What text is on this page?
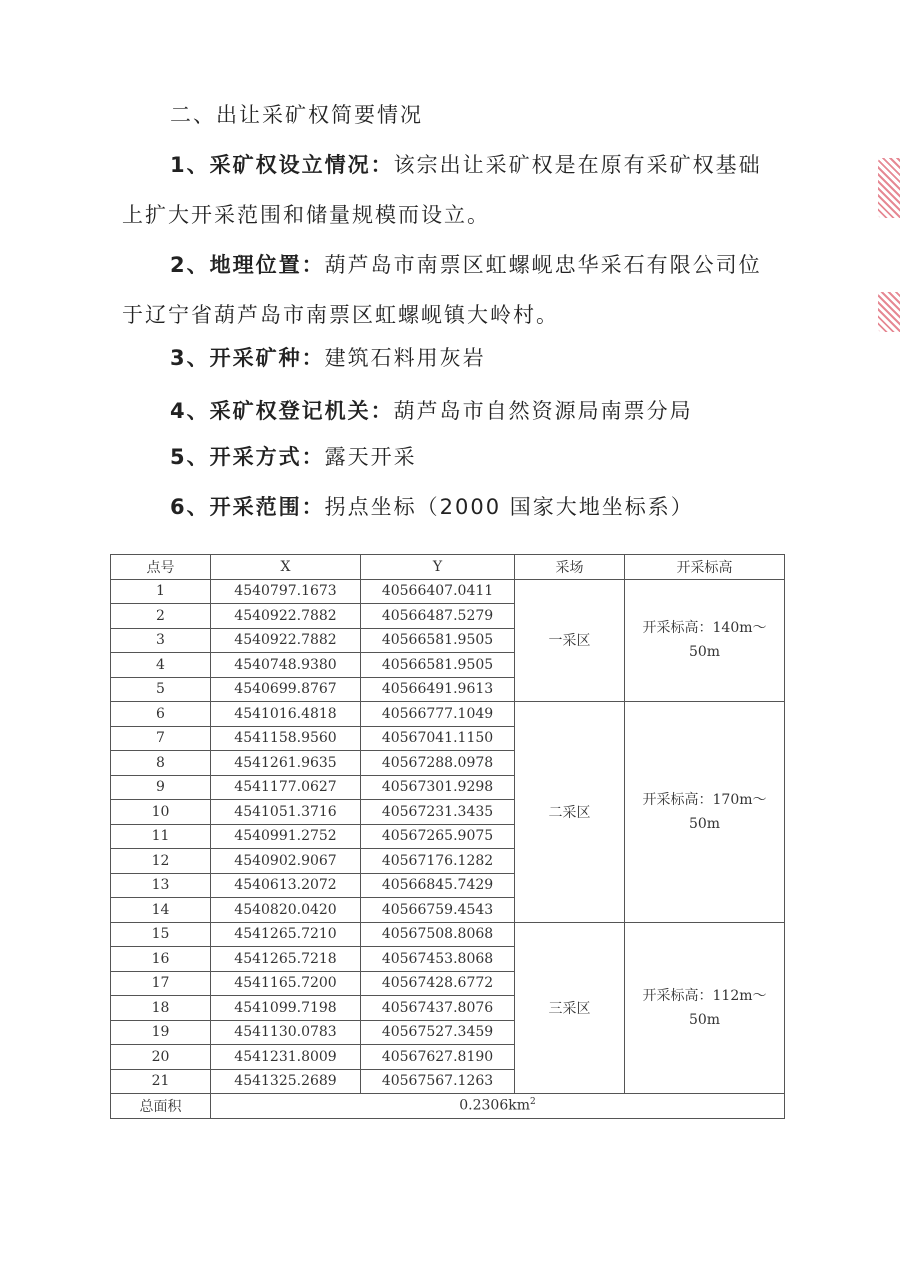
二、出让采矿权简要情况

1、采矿权设立情况：该宗出让采矿权是在原有采矿权基础上扩大开采范围和储量规模而设立。

2、地理位置：葫芦岛市南票区虹螺岘忠华采石有限公司位于辽宁省葫芦岛市南票区虹螺岘镇大岭村。

3、开采矿种：建筑石料用灰岩

4、采矿权登记机关：葫芦岛市自然资源局南票分局

5、开采方式：露天开采

6、开采范围：拐点坐标（2000 国家大地坐标系）

点号	X	Y	采场	开采标高
1	4540797.1673	40566407.0411	一采区	开采标高：140m～50m

2	4540922.7882	40566487.5279		
3	4540922.7882	40566581.9505		
4	4540748.9380	40566581.9505		
5	4540699.8767	40566491.9613		
6	4541016.4818	40566777.1049	二采区	开采标高：170m～50m

7	4541158.9560	40567041.1150		
8	4541261.9635	40567288.0978		
9	4541177.0627	40567301.9298		
10	4541051.3716	40567231.3435		
11	4540991.2752	40567265.9075		
12	4540902.9067	40567176.1282		
13	4540613.2072	40566845.7429		
14	4540820.0420	40566759.4543		
15	4541265.7210	40567508.8068	三采区	开采标高：112m～50m

16	4541265.7218	40567453.8068		
17	4541165.7200	40567428.6772		
18	4541099.7198	40567437.8076		
19	4541130.0783	40567527.3459		
20	4541231.8009	40567627.8190		
21	4541325.2689	40567567.1263		
总面积	$0.2306km^2$
